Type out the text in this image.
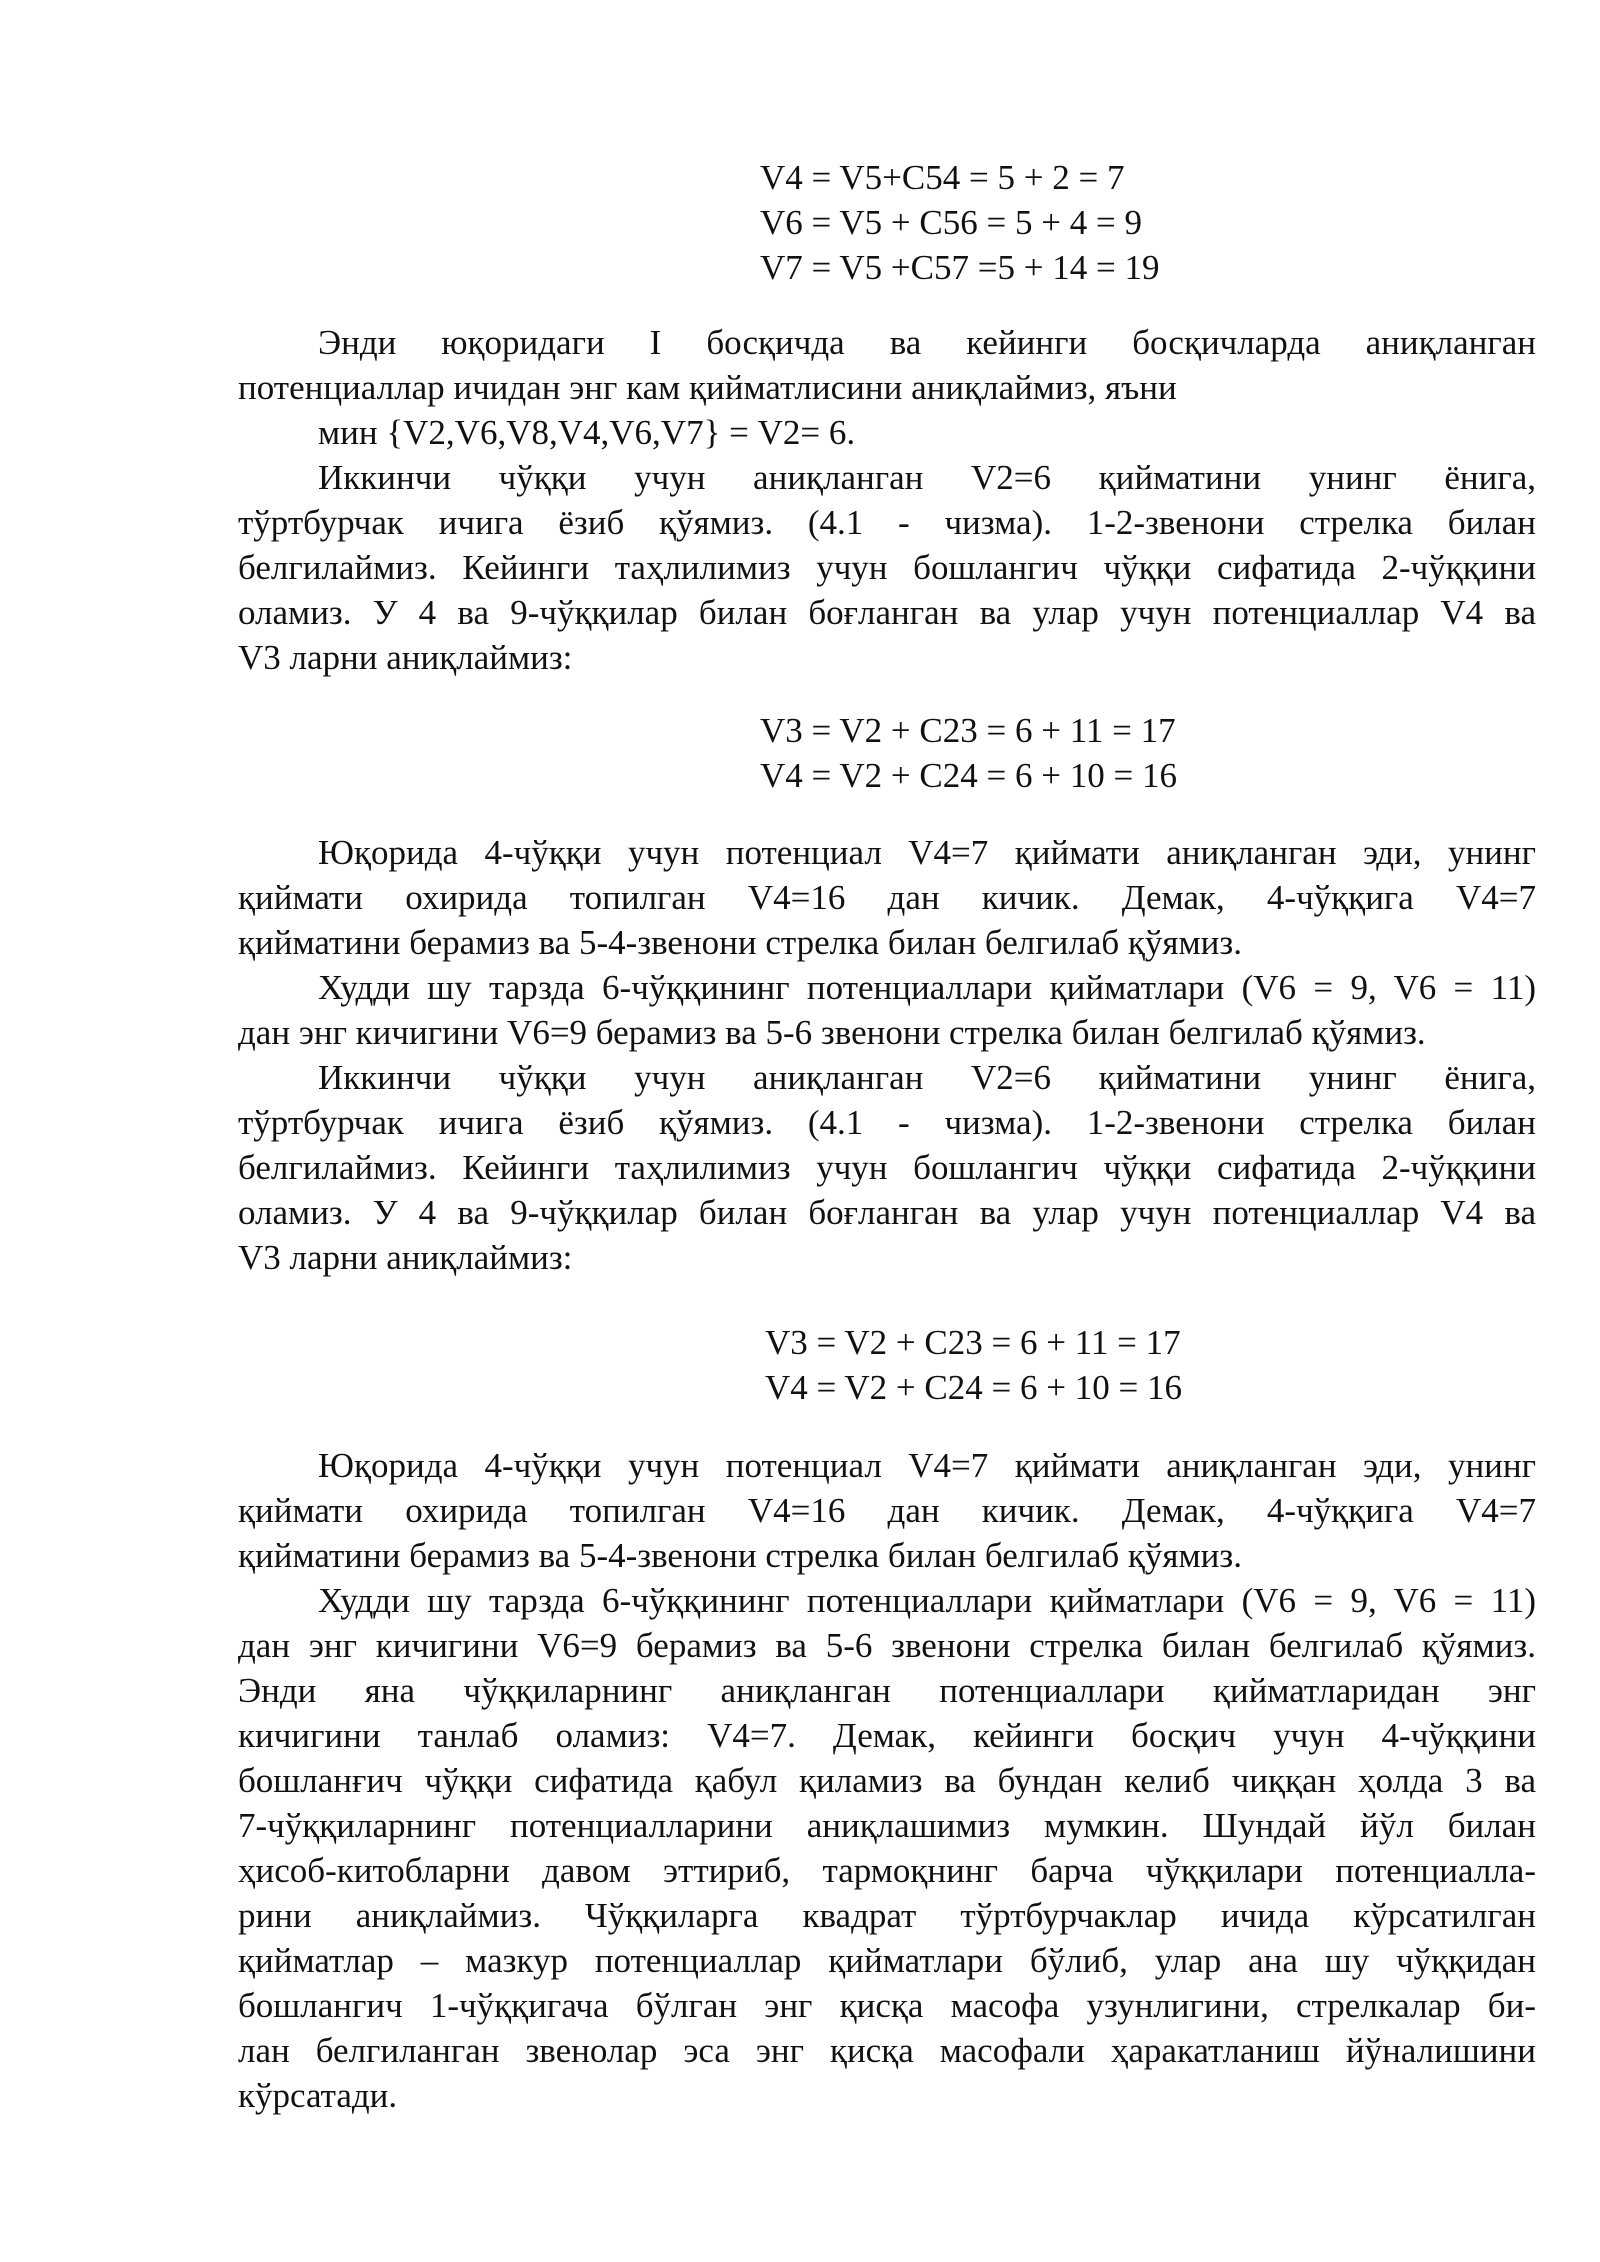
V4 = V5+C54 = 5 + 2 = 7
V6 = V5 + C56 = 5 + 4 = 9
V7 = V5 +C57 =5 + 14 = 19
Энди юқоридаги I босқичда ва кейинги босқичларда аниқланган
потенциаллар ичидан энг кам қийматлисини аниқлаймиз, яъни
мин {V2,V6,V8,V4,V6,V7} = V2= 6.
Иккинчи чўққи учун аниқланган V2=6 қийматини унинг ёнига,
тўртбурчак ичига ёзиб қўямиз. (4.1 - чизма). 1-2-звенони стрелка билан
белгилаймиз. Кейинги таҳлилимиз учун бошлангич чўққи сифатида 2-чўққини
оламиз. У 4 ва 9-чўққилар билан боғланган ва улар учун потенциаллар V4 ва
V3 ларни аниқлаймиз:
V3 = V2 + C23 = 6 + 11 = 17
V4 = V2 + C24 = 6 + 10 = 16
Юқорида 4-чўққи учун потенциал V4=7 қиймати аниқланган эди, унинг
қиймати охирида топилган V4=16 дан кичик. Демак, 4-чўққига V4=7
қийматини берамиз ва 5-4-звенони стрелка билан белгилаб қўямиз.
Худди шу тарзда 6-чўққининг потенциаллари қийматлари (V6 = 9, V6 = 11)
дан энг кичигини V6=9 берамиз ва 5-6 звенони стрелка билан белгилаб қўямиз.
Иккинчи чўққи учун аниқланган V2=6 қийматини унинг ёнига,
тўртбурчак ичига ёзиб қўямиз. (4.1 - чизма). 1-2-звенони стрелка билан
белгилаймиз. Кейинги таҳлилимиз учун бошлангич чўққи сифатида 2-чўққини
оламиз. У 4 ва 9-чўққилар билан боғланган ва улар учун потенциаллар V4 ва
V3 ларни аниқлаймиз:
V3 = V2 + C23 = 6 + 11 = 17
V4 = V2 + C24 = 6 + 10 = 16
Юқорида 4-чўққи учун потенциал V4=7 қиймати аниқланган эди, унинг
қиймати охирида топилган V4=16 дан кичик. Демак, 4-чўққига V4=7
қийматини берамиз ва 5-4-звенони стрелка билан белгилаб қўямиз.
Худди шу тарзда 6-чўққининг потенциаллари қийматлари (V6 = 9, V6 = 11)
дан энг кичигини V6=9 берамиз ва 5-6 звенони стрелка билан белгилаб қўямиз.
Энди яна чўққиларнинг аниқланган потенциаллари қийматларидан энг
кичигини танлаб оламиз: V4=7. Демак, кейинги босқич учун 4-чўққини
бошланғич чўққи сифатида қабул қиламиз ва бундан келиб чиққан ҳолда 3 ва
7-чўққиларнинг потенциалларини аниқлашимиз мумкин. Шундай йўл билан
ҳисоб-китобларни давом эттириб, тармоқнинг барча чўққилари потенциалла-
рини аниқлаймиз. Чўққиларга квадрат тўртбурчаклар ичида кўрсатилган
қийматлар – мазкур потенциаллар қийматлари бўлиб, улар ана шу чўққидан
бошлангич 1-чўққигача бўлган энг қисқа масофа узунлигини, стрелкалар би-
лан белгиланган звенолар эса энг қисқа масофали ҳаракатланиш йўналишини
кўрсатади.
